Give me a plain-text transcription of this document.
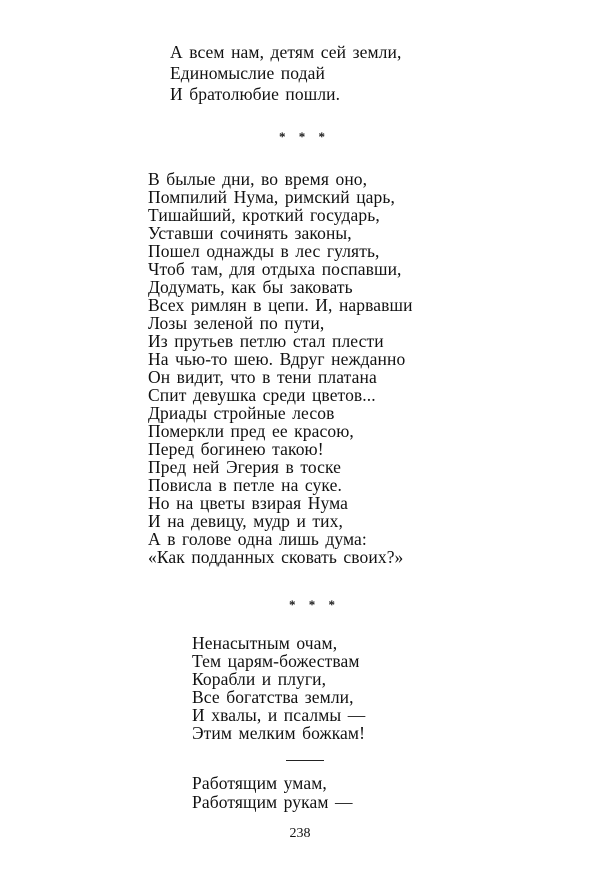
А всем нам, детям сей земли,
Единомыслие подай
И братолюбие пошли.
* * *
В былые дни, во время оно,
Помпилий Нума, римский царь,
Тишайший, кроткий государь,
Уставши сочинять законы,
Пошел однажды в лес гулять,
Чтоб там, для отдыха поспавши,
Додумать, как бы заковать
Всех римлян в цепи. И, нарвавши
Лозы зеленой по пути,
Из прутьев петлю стал плести
На чью-то шею. Вдруг нежданно
Он видит, что в тени платана
Спит девушка среди цветов...
Дриады стройные лесов
Померкли пред ее красою,
Перед богинею такою!
Пред ней Эгерия в тоске
Повисла в петле на суке.
Но на цветы взирая Нума
И на девицу, мудр и тих,
А в голове одна лишь дума:
«Как подданных сковать своих?»
* * *
Ненасытным очам,
Тем царям-божествам
Корабли и плуги,
Все богатства земли,
И хвалы, и псалмы —
Этим мелким божкам!
Работящим умам,
Работящим рукам —
238
